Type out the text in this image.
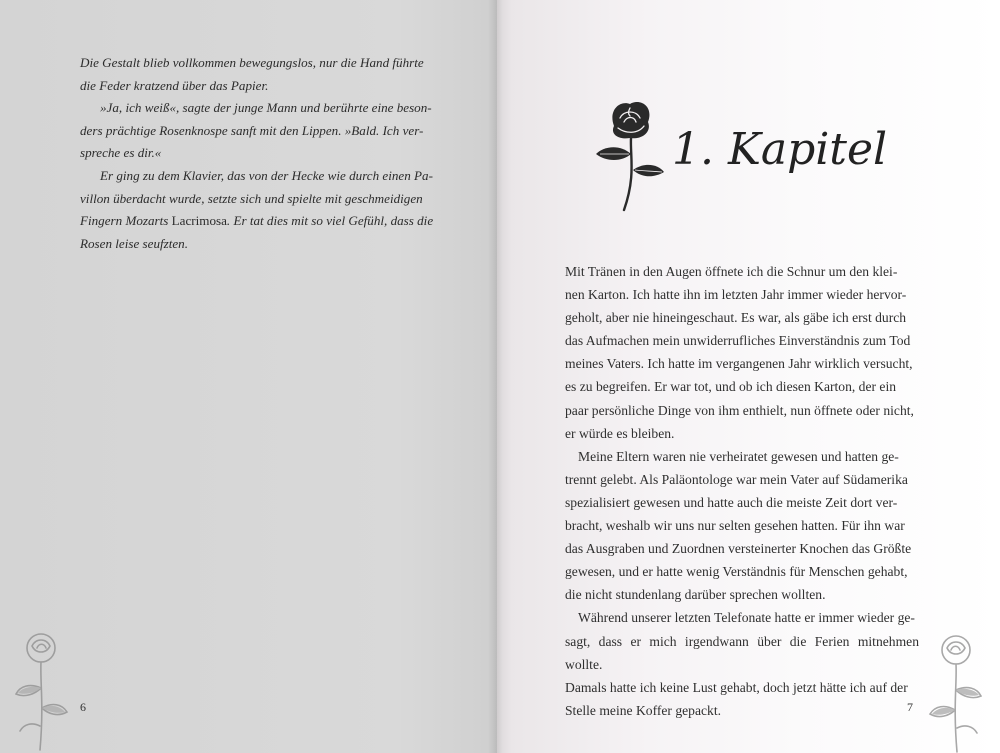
Die Gestalt blieb vollkommen bewegungslos, nur die Hand führte
die Feder kratzend über das Papier.

»Ja, ich weiß«, sagte der junge Mann und berührte eine beson-
ders prächtige Rosenknospe sanft mit den Lippen. »Bald. Ich ver-
spreche es dir.«

Er ging zu dem Klavier, das von der Hecke wie durch einen Pa-
villon überdacht wurde, setzte sich und spielte mit geschmeidigen
Fingern Mozarts Lacrimosa. Er tat dies mit so viel Gefühl, dass die
Rosen leise seufzten.

6
1. Kapitel

Mit Tränen in den Augen öffnete ich die Schnur um den klei-
nen Karton. Ich hatte ihn im letzten Jahr immer wieder hervor-
geholt, aber nie hineingeschaut. Es war, als gäbe ich erst durch
das Aufmachen mein unwiderrufliches Einverständnis zum Tod
meines Vaters. Ich hatte im vergangenen Jahr wirklich versucht,
es zu begreifen. Er war tot, und ob ich diesen Karton, der ein
paar persönliche Dinge von ihm enthielt, nun öffnete oder nicht,
er würde es bleiben.

Meine Eltern waren nie verheiratet gewesen und hatten ge-
trennt gelebt. Als Paläontologe war mein Vater auf Südamerika
spezialisiert gewesen und hatte auch die meiste Zeit dort ver-
bracht, weshalb wir uns nur selten gesehen hatten. Für ihn war
das Ausgraben und Zuordnen versteinerter Knochen das Größte
gewesen, und er hatte wenig Verständnis für Menschen gehabt,
die nicht stundenlang darüber sprechen wollten.

Während unserer letzten Telefonate hatte er immer wieder ge-
sagt, dass er mich irgendwann über die Ferien mitnehmen wollte.
Damals hatte ich keine Lust gehabt, doch jetzt hätte ich auf der
Stelle meine Koffer gepackt.	7
